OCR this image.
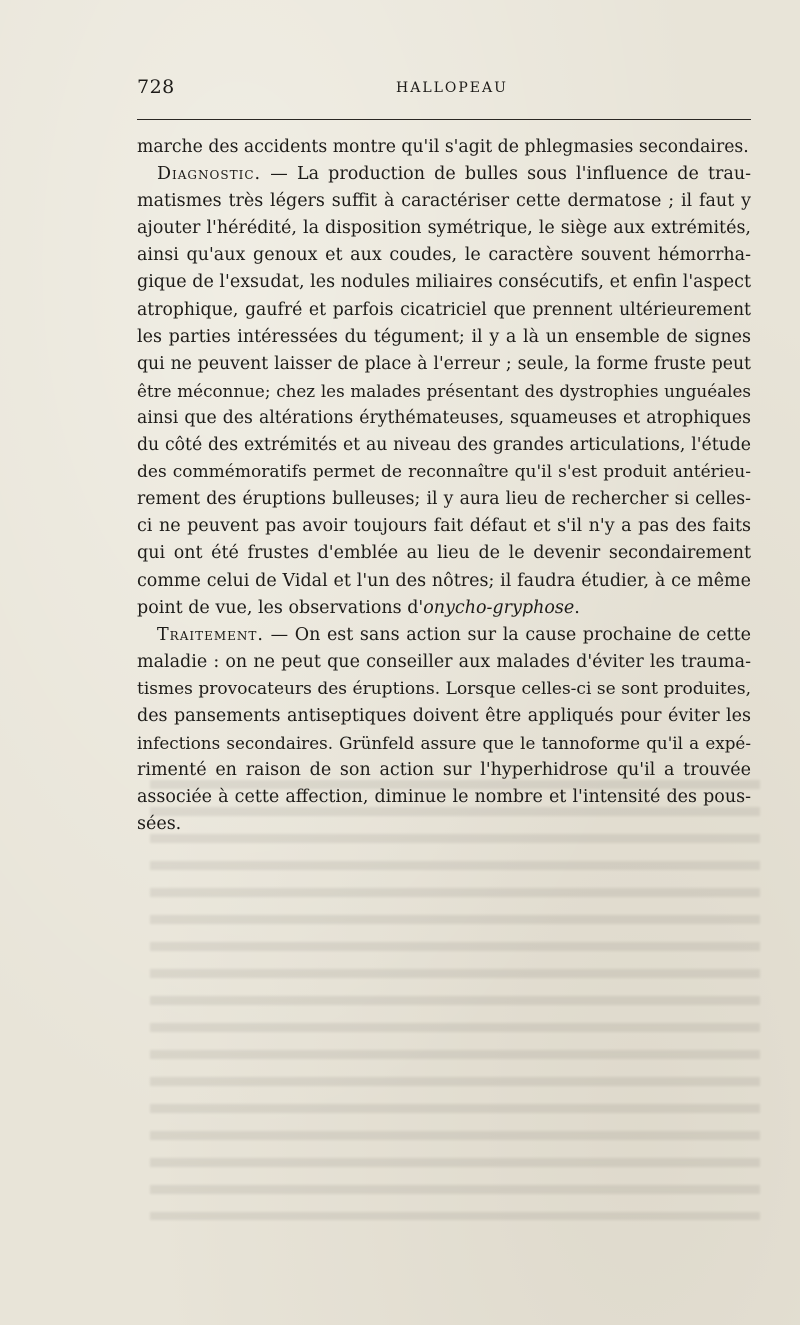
728	HALLOPEAU
marche des accidents montre qu'il s'agit de phlegmasies secondaires.
Diagnostic. — La production de bulles sous l'influence de trau-
matismes très légers suffit à caractériser cette dermatose ; il faut y
ajouter l'hérédité, la disposition symétrique, le siège aux extrémités,
ainsi qu'aux genoux et aux coudes, le caractère souvent hémorrha-
gique de l'exsudat, les nodules miliaires consécutifs, et enfin l'aspect
atrophique, gaufré et parfois cicatriciel que prennent ultérieurement
les parties intéressées du tégument; il y a là un ensemble de signes
qui ne peuvent laisser de place à l'erreur ; seule, la forme fruste peut
être méconnue; chez les malades présentant des dystrophies unguéales
ainsi que des altérations érythémateuses, squameuses et atrophiques
du côté des extrémités et au niveau des grandes articulations, l'étude
des commémoratifs permet de reconnaître qu'il s'est produit antérieu-
rement des éruptions bulleuses; il y aura lieu de rechercher si celles-
ci ne peuvent pas avoir toujours fait défaut et s'il n'y a pas des faits
qui ont été frustes d'emblée au lieu de le devenir secondairement
comme celui de Vidal et l'un des nôtres; il faudra étudier, à ce même
point de vue, les observations d'onycho-gryphose.
Traitement. — On est sans action sur la cause prochaine de cette
maladie : on ne peut que conseiller aux malades d'éviter les trauma-
tismes provocateurs des éruptions. Lorsque celles-ci se sont produites,
des pansements antiseptiques doivent être appliqués pour éviter les
infections secondaires. Grünfeld assure que le tannoforme qu'il a expé-
rimenté en raison de son action sur l'hyperhidrose qu'il a trouvée
associée à cette affection, diminue le nombre et l'intensité des pous-
sées.
